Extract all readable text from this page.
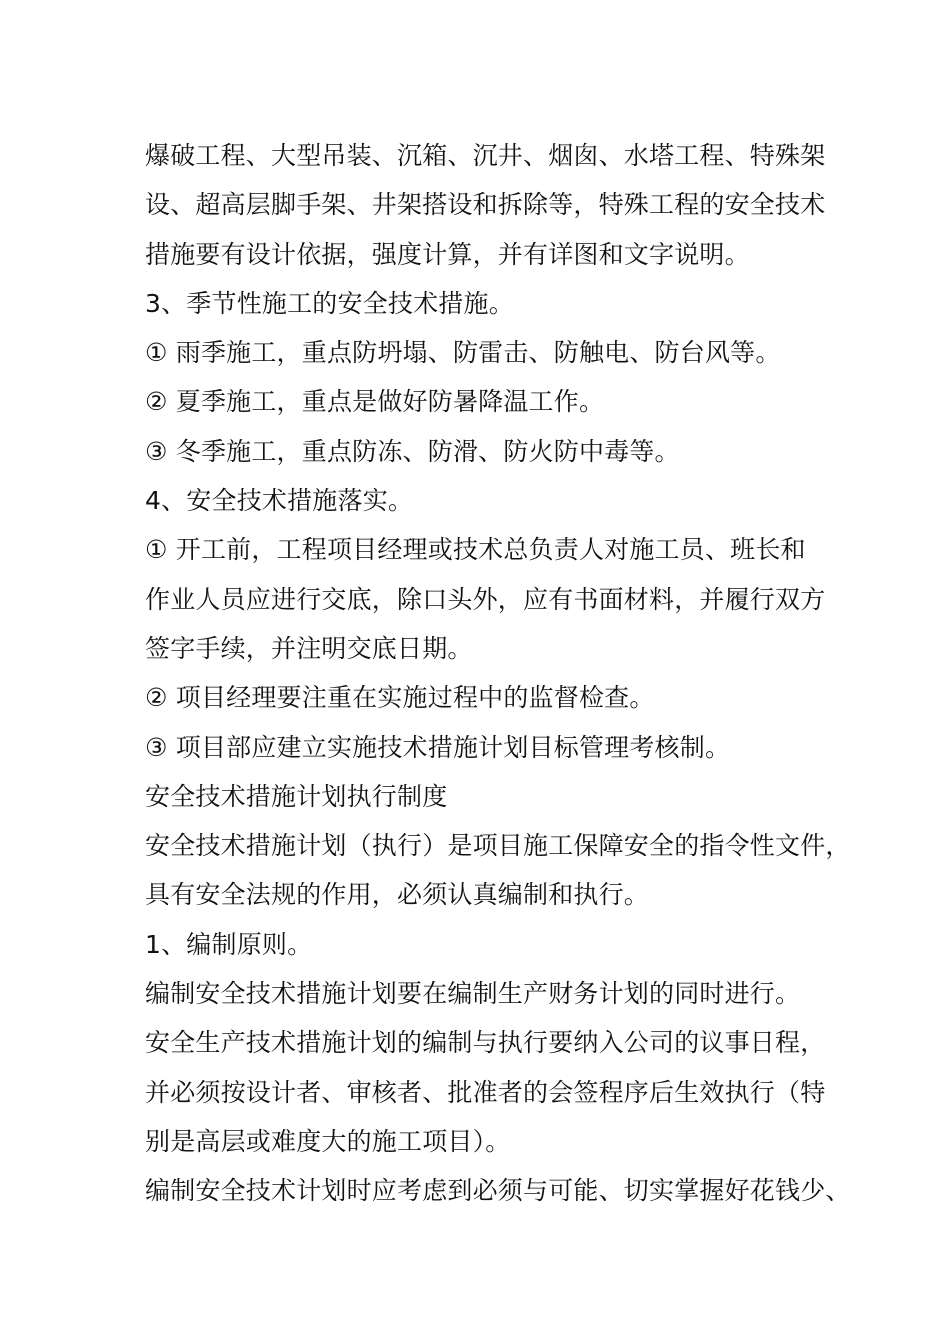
爆破工程、大型吊装、沉箱、沉井、烟囱、水塔工程、特殊架
设、超高层脚手架、井架搭设和拆除等，特殊工程的安全技术
措施要有设计依据，强度计算，并有详图和文字说明。
3、季节性施工的安全技术措施。
① 雨季施工，重点防坍塌、防雷击、防触电、防台风等。
② 夏季施工，重点是做好防暑降温工作。
③ 冬季施工，重点防冻、防滑、防火防中毒等。
4、安全技术措施落实。
① 开工前，工程项目经理或技术总负责人对施工员、班长和
作业人员应进行交底，除口头外，应有书面材料，并履行双方
签字手续，并注明交底日期。
② 项目经理要注重在实施过程中的监督检查。
③ 项目部应建立实施技术措施计划目标管理考核制。
安全技术措施计划执行制度
安全技术措施计划（执行）是项目施工保障安全的指令性文件，
具有安全法规的作用，必须认真编制和执行。
1、编制原则。
编制安全技术措施计划要在编制生产财务计划的同时进行。
安全生产技术措施计划的编制与执行要纳入公司的议事日程，
并必须按设计者、审核者、批准者的会签程序后生效执行（特
别是高层或难度大的施工项目）。
编制安全技术计划时应考虑到必须与可能、切实掌握好花钱少、
